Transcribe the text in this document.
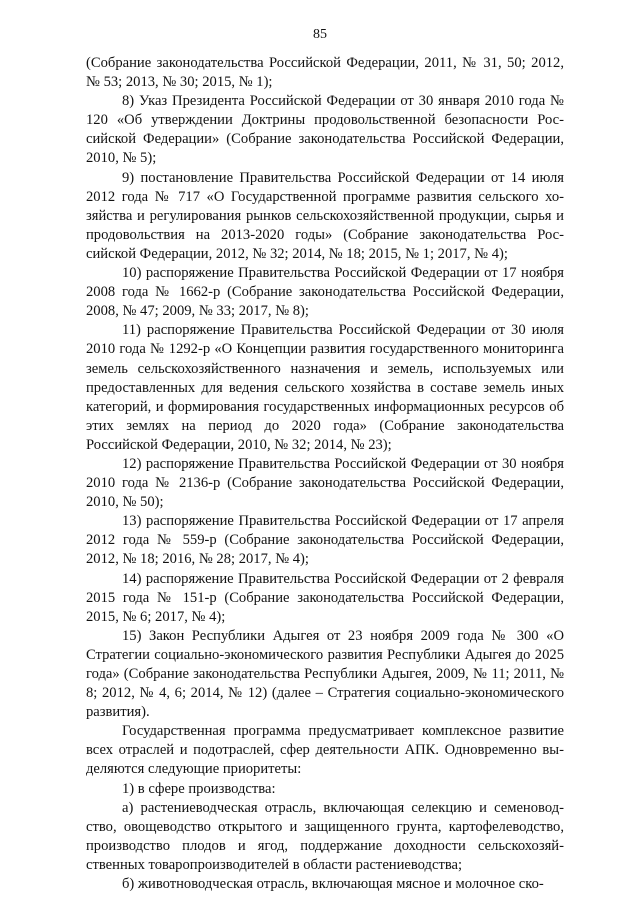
85

(Собрание законодательства Российской Федерации, 2011, № 31, 50; 2012, № 53; 2013, № 30; 2015, № 1);

8) Указ Президента Российской Федерации от 30 января 2010 года № 120 «Об утверждении Доктрины продовольственной безопасности Российской Федерации» (Собрание законодательства Российской Федерации, 2010, № 5);

9) постановление Правительства Российской Федерации от 14 июля 2012 года № 717 «О Государственной программе развития сельского хозяйства и регулирования рынков сельскохозяйственной продукции, сырья и продовольствия на 2013-2020 годы» (Собрание законодательства Российской Федерации, 2012, № 32; 2014, № 18; 2015, № 1; 2017, № 4);

10) распоряжение Правительства Российской Федерации от 17 ноября 2008 года № 1662-р (Собрание законодательства Российской Федерации, 2008, № 47; 2009, № 33; 2017, № 8);

11) распоряжение Правительства Российской Федерации от 30 июля 2010 года № 1292-р «О Концепции развития государственного мониторинга земель сельскохозяйственного назначения и земель, используемых или предоставленных для ведения сельского хозяйства в составе земель иных категорий, и формирования государственных информационных ресурсов об этих землях на период до 2020 года» (Собрание законодательства Российской Федерации, 2010, № 32; 2014, № 23);

12) распоряжение Правительства Российской Федерации от 30 ноября 2010 года № 2136-р (Собрание законодательства Российской Федерации, 2010, № 50);

13) распоряжение Правительства Российской Федерации от 17 апреля 2012 года № 559-р (Собрание законодательства Российской Федерации, 2012, № 18; 2016, № 28; 2017, № 4);

14) распоряжение Правительства Российской Федерации от 2 февраля 2015 года № 151-р (Собрание законодательства Российской Федерации, 2015, № 6; 2017, № 4);

15) Закон Республики Адыгея от 23 ноября 2009 года № 300 «О Стратегии социально-экономического развития Республики Адыгея до 2025 года» (Собрание законодательства Республики Адыгея, 2009, № 11; 2011, № 8; 2012, № 4, 6; 2014, № 12) (далее – Стратегия социально-экономического развития).

Государственная программа предусматривает комплексное развитие всех отраслей и подотраслей, сфер деятельности АПК. Одновременно выделяются следующие приоритеты:

1) в сфере производства:

а) растениеводческая отрасль, включающая селекцию и семеноводство, овощеводство открытого и защищенного грунта, картофелеводство, производство плодов и ягод, поддержание доходности сельскохозяйственных товаропроизводителей в области растениеводства;

б) животноводческая отрасль, включающая мясное и молочное ско-
